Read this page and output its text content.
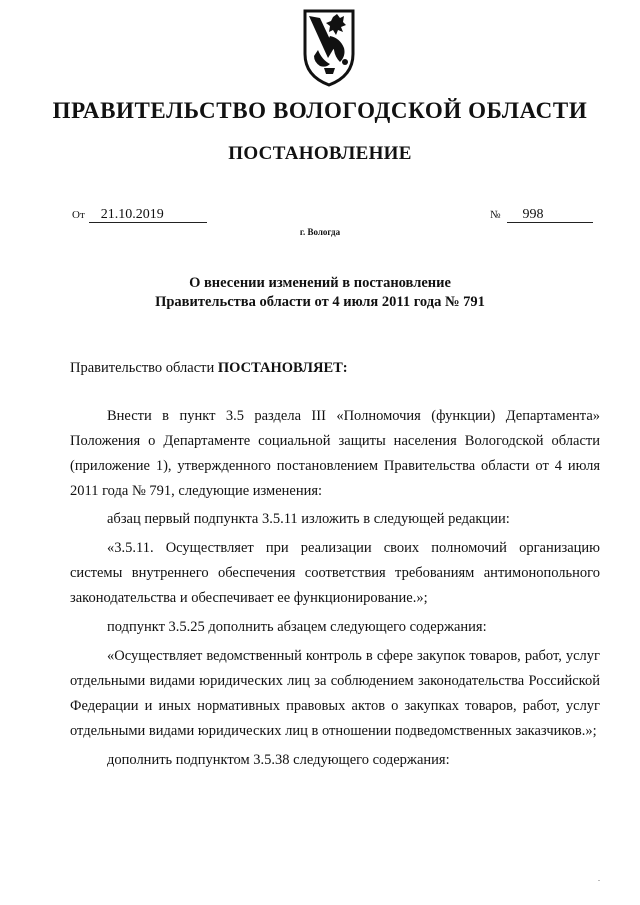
ПРАВИТЕЛЬСТВО ВОЛОГОДСКОЙ ОБЛАСТИ
ПОСТАНОВЛЕНИЕ
От 21.10.2019	№ 998
г. Вологда
О внесении изменений в постановление
Правительства области от 4 июля 2011 года № 791

Правительство области ПОСТАНОВЛЯЕТ:

Внести в пункт 3.5 раздела III «Полномочия (функции) Департамента» Положения о Департаменте социальной защиты населения Вологодской области (приложение 1), утвержденного постановлением Правительства области от 4 июля 2011 года № 791, следующие изменения:

абзац первый подпункта 3.5.11 изложить в следующей редакции:

«3.5.11. Осуществляет при реализации своих полномочий организацию системы внутреннего обеспечения соответствия требованиям антимонопольного законодательства и обеспечивает ее функционирование.»;

подпункт 3.5.25 дополнить абзацем следующего содержания:

«Осуществляет ведомственный контроль в сфере закупок товаров, работ, услуг отдельными видами юридических лиц за соблюдением законодательства Российской Федерации и иных нормативных правовых актов о закупках товаров, работ, услуг отдельными видами юридических лиц в отношении подведомственных заказчиков.»;

дополнить подпунктом 3.5.38 следующего содержания:
